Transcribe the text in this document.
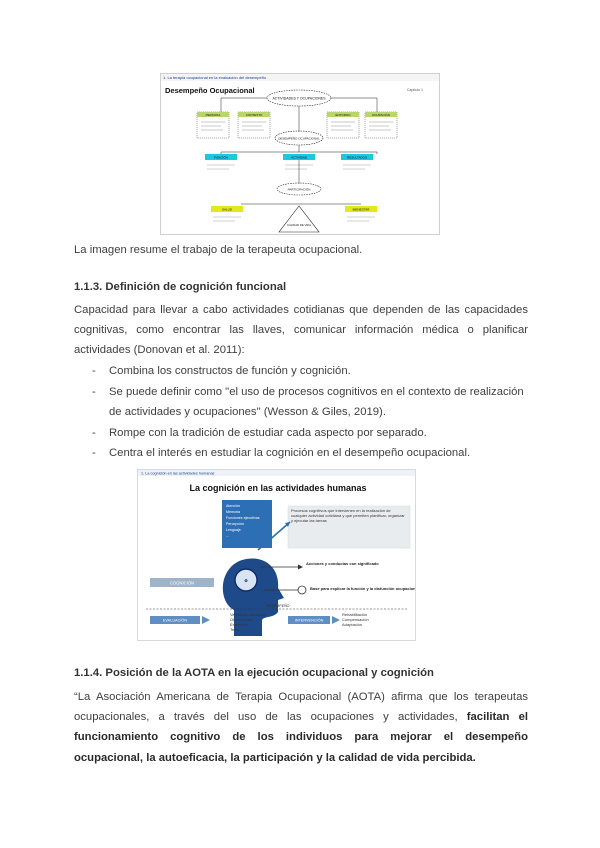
1. La terapia ocupacional en la evaluación del desempeño
Desempeño Ocupacional	Capítulo 1
ACTIVIDADES Y OCUPACIONES
PERSONA	CONTEXTO	ENTORNO	OCUPACIÓN
DESEMPEÑO OCUPACIONAL
FUNCIÓN	ACTIVIDAD	RESULTADOS
PARTICIPACIÓN
SALUD	BIENESTAR
CALIDAD DE VIDA

La imagen resume el trabajo de la terapeuta ocupacional.

1.1.3. Definición de cognición funcional

Capacidad para llevar a cabo actividades cotidianas que dependen de las capacidades cognitivas, como encontrar las llaves, comunicar información médica o planificar actividades (Donovan et al. 2011):

- Combina los constructos de función y cognición.
- Se puede definir como "el uso de procesos cognitivos en el contexto de realización de actividades y ocupaciones" (Wesson & Giles, 2019).
- Rompe con la tradición de estudiar cada aspecto por separado.
- Centra el interés en estudiar la cognición en el desempeño ocupacional.
1. La cognición en las actividades humanas
La cognición en las actividades humanas
Atención
Memoria
Funciones ejecutivas
Percepción
Lenguaje
...
Procesos cognitivos que intervienen en la realización de cualquier actividad cotidiana y que permiten planificar, organizar y ejecutar las tareas
⚙
COGNICIÓN
Acciones y conductas con significado
Base para explicar la función y la disfunción ocupacional
DESEMPEÑO
EVALUACIÓN	INTERVENCIÓN
Valoración funcional
Observación
Entrevista
Tests
Rehabilitación
Compensación
Adaptación
1.1.4. Posición de la AOTA en la ejecución ocupacional y cognición

“La Asociación Americana de Terapia Ocupacional (AOTA) afirma que los terapeutas ocupacionales, a través del uso de las ocupaciones y actividades, facilitan el funcionamiento cognitivo de los individuos para mejorar el desempeño ocupacional, la autoeficacia, la participación y la calidad de vida percibida.
